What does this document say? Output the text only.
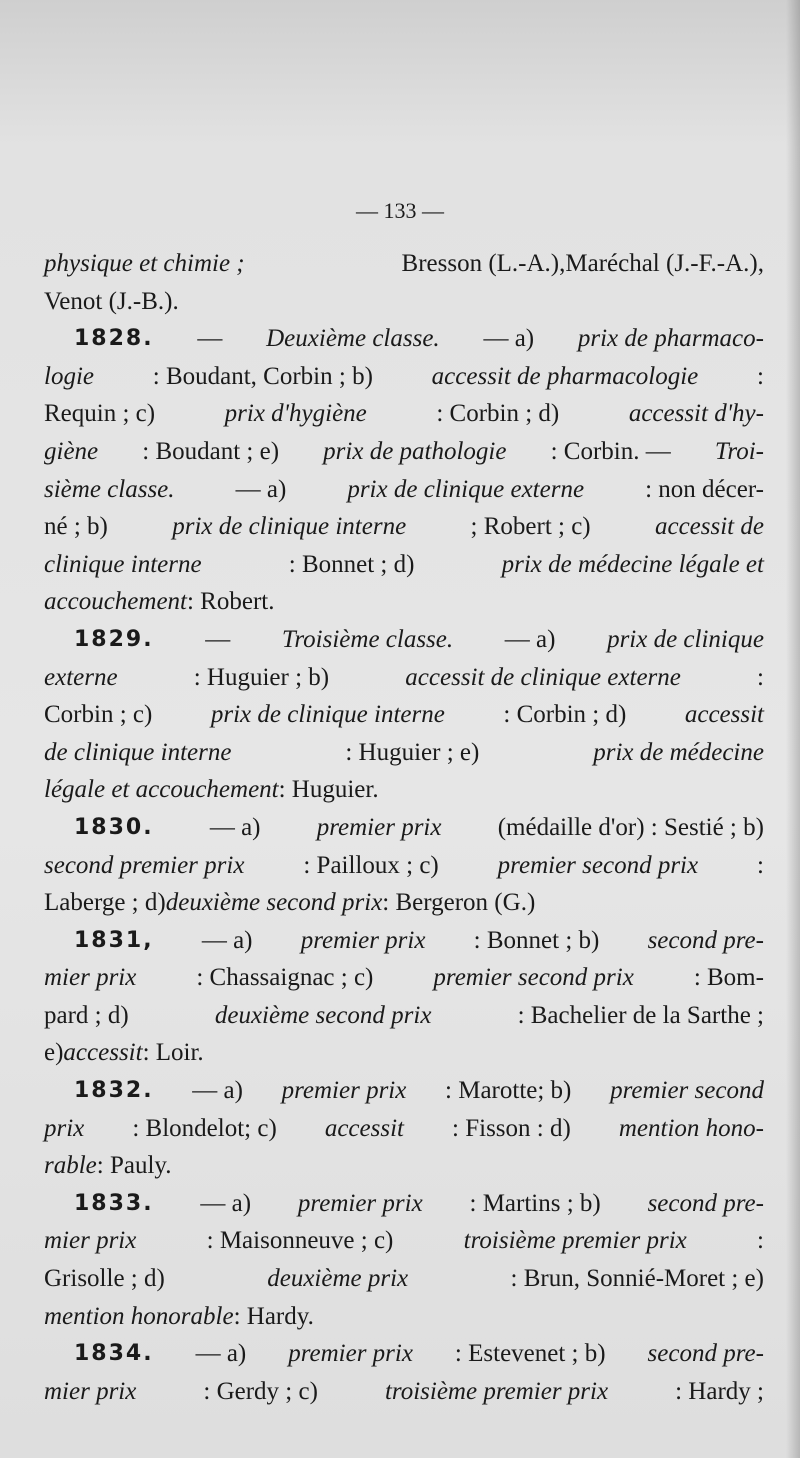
— 133 —
physique et chimie ;	Bresson (L.-A.),Maréchal (J.-F.-A.),
Venot (J.-B.).
1828. — Deuxième classe. — a) prix de pharmaco-
logie : Boudant, Corbin ; b) accessit de pharmacologie :
Requin ; c)	prix d'hygiène	: Corbin ; d)	accessit d'hy-
giène : Boudant ; e) prix de pathologie : Corbin. — Troi-
sième classe. — a) prix de clinique externe : non décer-
né ; b)	prix de clinique interne	; Robert ; c)	accessit de
clinique interne	: Bonnet ; d)	prix de médecine légale et
accouchement : Robert.
1829. — Troisième classe. — a) prix de clinique
externe	: Huguier ; b)	accessit de clinique externe	:
Corbin ; c) prix de clinique interne : Corbin ; d) accessit
de clinique interne	: Huguier ; e)	prix de médecine
légale et accouchement : Huguier.
1830. — a) premier prix (médaille d'or) : Sestié ; b)
second premier prix : Pailloux ; c) premier second prix :
Laberge ; d) deuxième second prix : Bergeron (G.)
1831, — a) premier prix : Bonnet ; b) second pre-
mier prix : Chassaignac ; c) premier second prix : Bom-
pard ; d)	deuxième second prix	: Bachelier de la Sarthe ;
e) accessit : Loir.
1832. — a) premier prix : Marotte; b) premier second
prix : Blondelot; c) accessit : Fisson : d) mention hono-
rable : Pauly.
1833. — a) premier prix : Martins ; b) second pre-
mier prix	: Maisonneuve ; c)	troisième premier prix	:
Grisolle ; d)	deuxième prix	: Brun, Sonnié-Moret ; e)
mention honorable : Hardy.
1834. — a) premier prix : Estevenet ; b) second pre-
mier prix	: Gerdy ; c)	troisième premier prix	: Hardy ;
